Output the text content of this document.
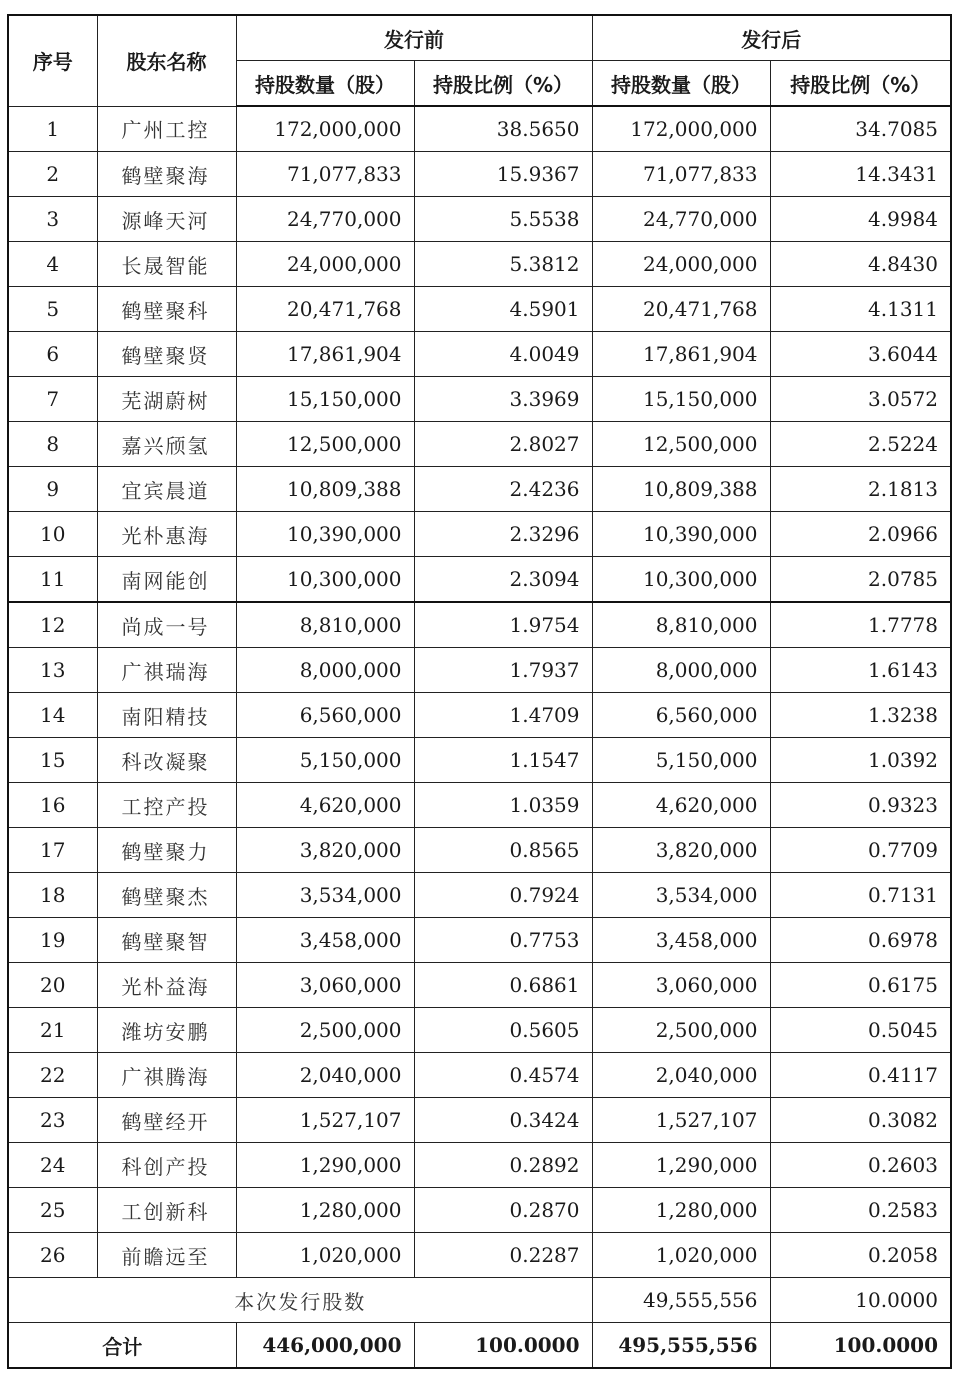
序号	股东名称	发行前		发行后	
		持股数量（股）	持股比例（%）	持股数量（股）	持股比例（%）
1	广州工控	172,000,000	38.5650	172,000,000	34.7085
2	鹤壁聚海	71,077,833	15.9367	71,077,833	14.3431
3	源峰天河	24,770,000	5.5538	24,770,000	4.9984
4	长晟智能	24,000,000	5.3812	24,000,000	4.8430
5	鹤壁聚科	20,471,768	4.5901	20,471,768	4.1311
6	鹤壁聚贤	17,861,904	4.0049	17,861,904	3.6044
7	芜湖蔚树	15,150,000	3.3969	15,150,000	3.0572
8	嘉兴颀氢	12,500,000	2.8027	12,500,000	2.5224
9	宜宾晨道	10,809,388	2.4236	10,809,388	2.1813
10	光朴惠海	10,390,000	2.3296	10,390,000	2.0966
11	南网能创	10,300,000	2.3094	10,300,000	2.0785
12	尚成一号	8,810,000	1.9754	8,810,000	1.7778
13	广祺瑞海	8,000,000	1.7937	8,000,000	1.6143
14	南阳精技	6,560,000	1.4709	6,560,000	1.3238
15	科改凝聚	5,150,000	1.1547	5,150,000	1.0392
16	工控产投	4,620,000	1.0359	4,620,000	0.9323
17	鹤壁聚力	3,820,000	0.8565	3,820,000	0.7709
18	鹤壁聚杰	3,534,000	0.7924	3,534,000	0.7131
19	鹤壁聚智	3,458,000	0.7753	3,458,000	0.6978
20	光朴益海	3,060,000	0.6861	3,060,000	0.6175
21	潍坊安鹏	2,500,000	0.5605	2,500,000	0.5045
22	广祺腾海	2,040,000	0.4574	2,040,000	0.4117
23	鹤壁经开	1,527,107	0.3424	1,527,107	0.3082
24	科创产投	1,290,000	0.2892	1,290,000	0.2603
25	工创新科	1,280,000	0.2870	1,280,000	0.2583
26	前瞻远至	1,020,000	0.2287	1,020,000	0.2058
本次发行股数				49,555,556	10.0000
合计		446,000,000	100.0000	495,555,556	100.0000
